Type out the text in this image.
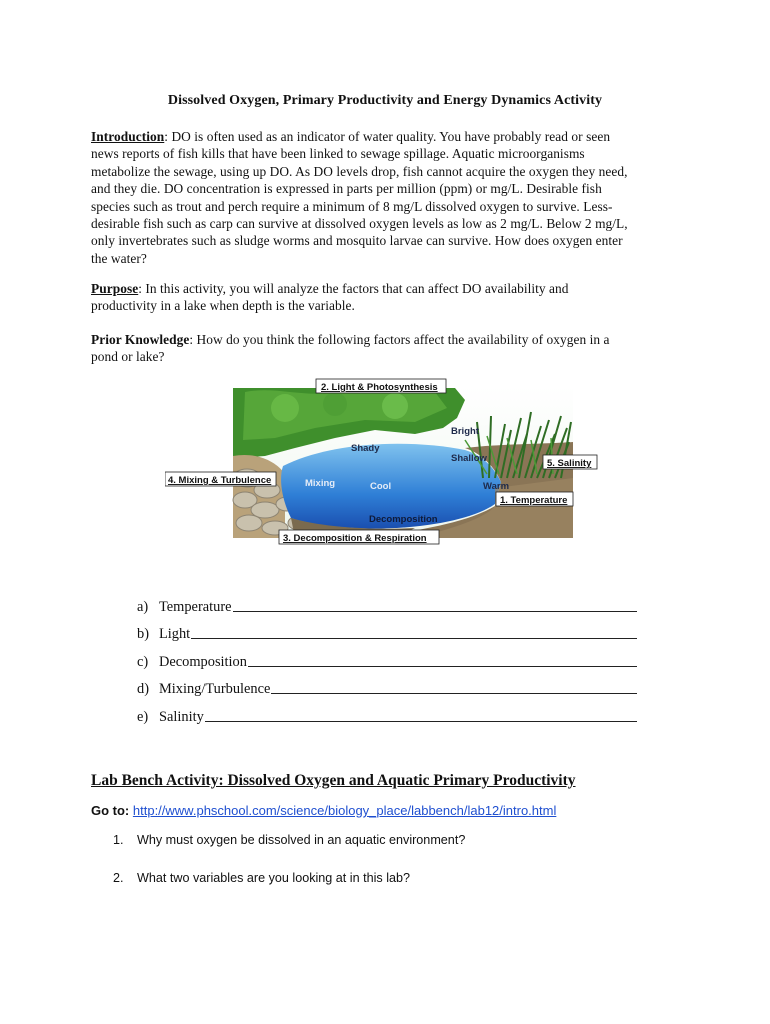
Dissolved Oxygen, Primary Productivity and Energy Dynamics Activity
Introduction: DO is often used as an indicator of water quality. You have probably read or seen
news reports of fish kills that have been linked to sewage spillage. Aquatic microorganisms
metabolize the sewage, using up DO. As DO levels drop, fish cannot acquire the oxygen they need,
and they die. DO concentration is expressed in parts per million (ppm) or mg/L. Desirable fish
species such as trout and perch require a minimum of 8 mg/L dissolved oxygen to survive. Less-
desirable fish such as carp can survive at dissolved oxygen levels as low as 2 mg/L. Below 2 mg/L,
only invertebrates such as sludge worms and mosquito larvae can survive. How does oxygen enter
the water?
Purpose: In this activity, you will analyze the factors that can affect DO availability and
productivity in a lake when depth is the variable.
Prior Knowledge: How do you think the following factors affect the availability of oxygen in a
pond or lake?
Bright
Shady
Shallow
Mixing	Cool	Warm
Decomposition
2. Light & Photosynthesis
4. Mixing & Turbulence
5. Salinity
1. Temperature
3. Decomposition & Respiration
a) Temperature
b) Light
c) Decomposition
d) Mixing/Turbulence
e) Salinity
Lab Bench Activity: Dissolved Oxygen and Aquatic Primary Productivity
Go to: http://www.phschool.com/science/biology_place/labbench/lab12/intro.html
1. Why must oxygen be dissolved in an aquatic environment?
2. What two variables are you looking at in this lab?
